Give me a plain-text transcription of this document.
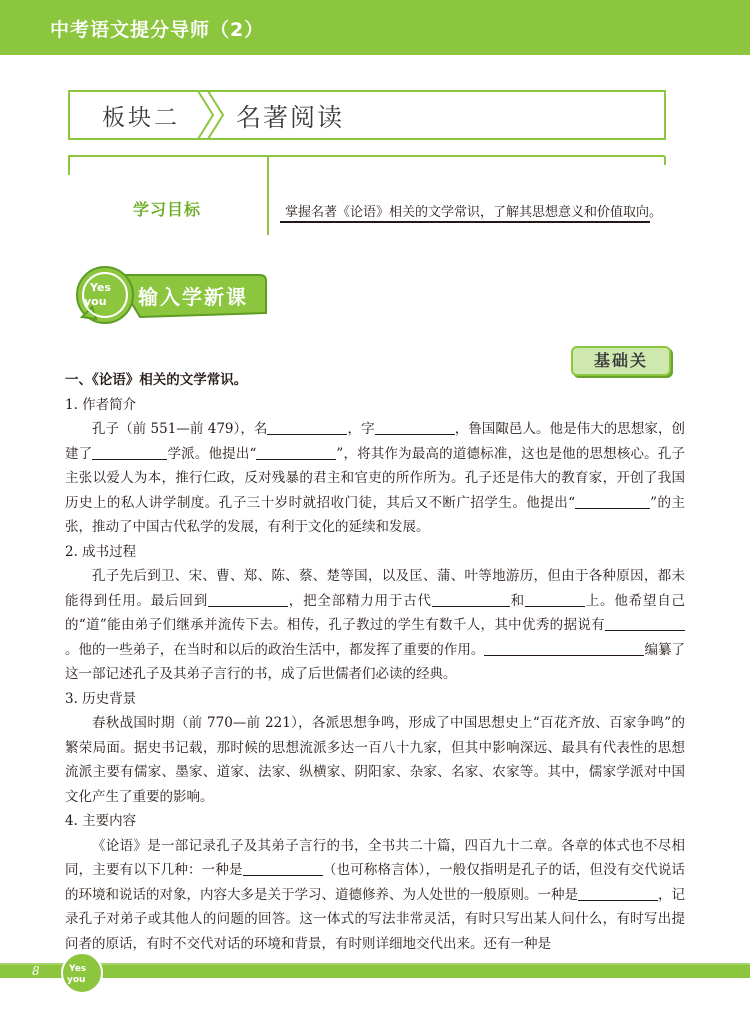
中考语文提分导师（2）
板块二 名著阅读
学习目标	掌握名著《论语》相关的文学常识，了解其思想意义和价值取向。
Yes
you 输入学新课
基础关
一、《论语》相关的文学常识。
1. 作者简介
孔子（前 551—前 479），名	，字	，鲁国陬邑人。他是伟大的思想家，创建了	学派。他提出“	”，将其作为最高的道德标准，这也是他的思想核心。孔子主张以爱人为本，推行仁政，反对残暴的君主和官吏的所作所为。孔子还是伟大的教育家，开创了我国历史上的私人讲学制度。孔子三十岁时就招收门徒，其后又不断广招学生。他提出“	”的主张，推动了中国古代私学的发展，有利于文化的延续和发展。
2. 成书过程
孔子先后到卫、宋、曹、郑、陈、蔡、楚等国，以及匡、蒲、叶等地游历，但由于各种原因，都未能得到任用。最后回到	，把全部精力用于古代	和	上。他希望自己的“道”能由弟子们继承并流传下去。相传，孔子教过的学生有数千人，其中优秀的据说有。他的一些弟子，在当时和以后的政治生活中，都发挥了重要的作用。	编纂了这一部记述孔子及其弟子言行的书，成了后世儒者们必读的经典。
3. 历史背景
春秋战国时期（前 770—前 221），各派思想争鸣，形成了中国思想史上“百花齐放、百家争鸣”的繁荣局面。据史书记载，那时候的思想流派多达一百八十九家，但其中影响深远、最具有代表性的思想流派主要有儒家、墨家、道家、法家、纵横家、阴阳家、杂家、名家、农家等。其中，儒家学派对中国文化产生了重要的影响。
4. 主要内容
《论语》是一部记录孔子及其弟子言行的书，全书共二十篇，四百九十二章。各章的体式也不尽相同，主要有以下几种：一种是	（也可称格言体），一般仅指明是孔子的话，但没有交代说话的环境和说话的对象，内容大多是关于学习、道德修养、为人处世的一般原则。一种是	，记录孔子对弟子或其他人的问题的回答。这一体式的写法非常灵活，有时只写出某人问什么，有时写出提问者的原话，有时不交代对话的环境和背景，有时则详细地交代出来。还有一种是
8	Yes
you
